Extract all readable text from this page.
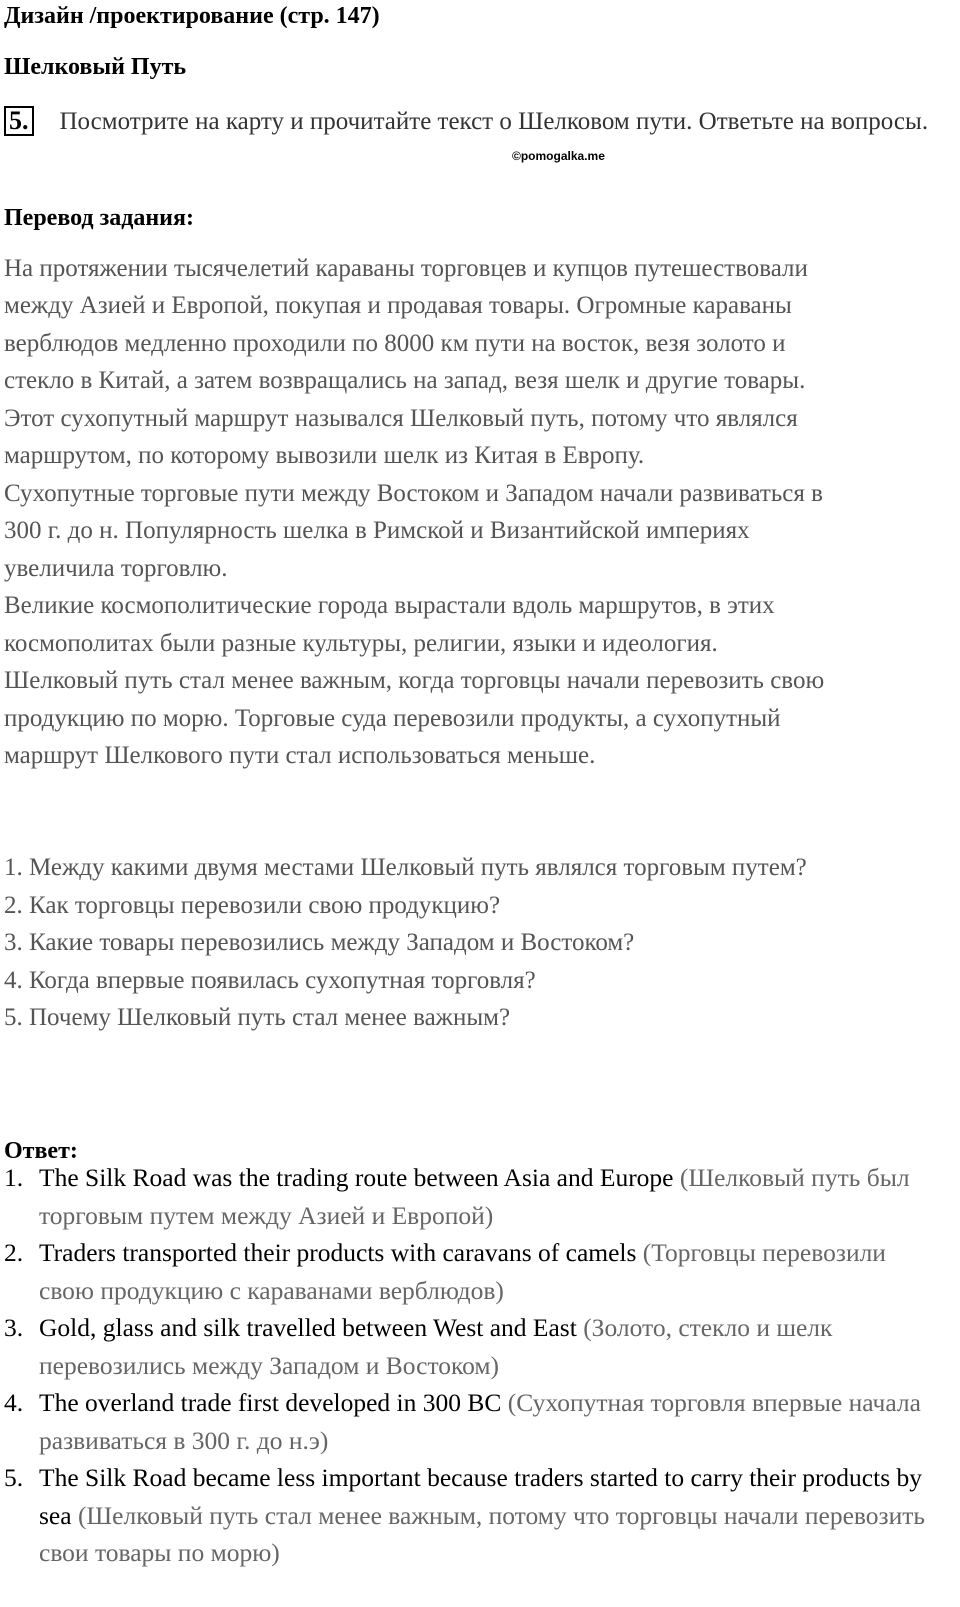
Дизайн /проектирование (стр. 147)
Шелковый Путь
5. Посмотрите на карту и прочитайте текст о Шелковом пути. Ответьте на вопросы.
©pomogalka.me
Перевод задания:
На протяжении тысячелетий караваны торговцев и купцов путешествовали
между Азией и Европой, покупая и продавая товары. Огромные караваны
верблюдов медленно проходили по 8000 км пути на восток, везя золото и
стекло в Китай, а затем возвращались на запад, везя шелк и другие товары.
Этот сухопутный маршрут назывался Шелковый путь, потому что являлся
маршрутом, по которому вывозили шелк из Китая в Европу.
Сухопутные торговые пути между Востоком и Западом начали развиваться в
300 г. до н. Популярность шелка в Римской и Византийской империях
увеличила торговлю.
Великие космополитические города вырастали вдоль маршрутов, в этих
космополитах были разные культуры, религии, языки и идеология.
Шелковый путь стал менее важным, когда торговцы начали перевозить свою
продукцию по морю. Торговые суда перевозили продукты, а сухопутный
маршрут Шелкового пути стал использоваться меньше.
1. Между какими двумя местами Шелковый путь являлся торговым путем?
2. Как торговцы перевозили свою продукцию?
3. Какие товары перевозились между Западом и Востоком?
4. Когда впервые появилась сухопутная торговля?
5. Почему Шелковый путь стал менее важным?
Ответ:
1. The Silk Road was the trading route between Asia and Europe (Шелковый путь был торговым путем между Азией и Европой)
2. Traders transported their products with caravans of camels (Торговцы перевозили свою продукцию с караванами верблюдов)
3. Gold, glass and silk travelled between West and East (Золото, стекло и шелк перевозились между Западом и Востоком)
4. The overland trade first developed in 300 BC (Сухопутная торговля впервые начала развиваться в 300 г. до н.э)
5. The Silk Road became less important because traders started to carry their products by sea (Шелковый путь стал менее важным, потому что торговцы начали перевозить свои товары по морю)
